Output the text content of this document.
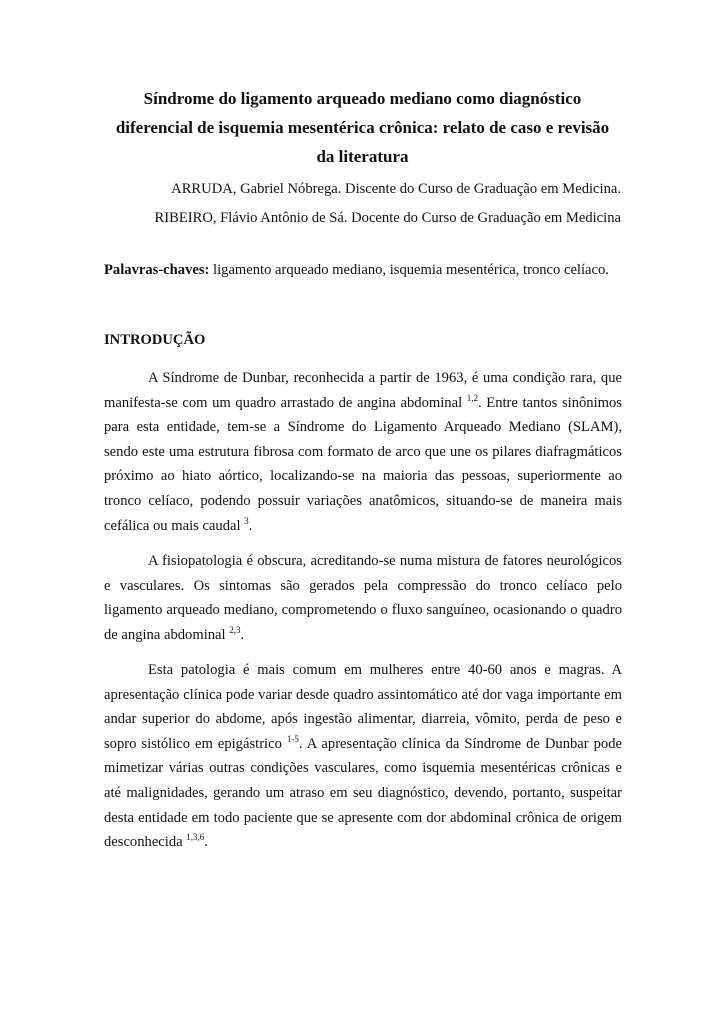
Síndrome do ligamento arqueado mediano como diagnóstico
diferencial de isquemia mesentérica crônica: relato de caso e revisão
da literatura
ARRUDA, Gabriel Nóbrega. Discente do Curso de Graduação em Medicina.
RIBEIRO, Flávio Antônio de Sá. Docente do Curso de Graduação em Medicina
Palavras-chaves: ligamento arqueado mediano, isquemia mesentérica, tronco celíaco.
INTRODUÇÃO
A Síndrome de Dunbar, reconhecida a partir de 1963, é uma condição rara, que
manifesta-se com um quadro arrastado de angina abdominal $^{1,2}$. Entre tantos sinônimos
para esta entidade, tem-se a Síndrome do Ligamento Arqueado Mediano (SLAM),
sendo este uma estrutura fibrosa com formato de arco que une os pilares diafragmáticos
próximo ao hiato aórtico, localizando-se na maioria das pessoas, superiormente ao
tronco celíaco, podendo possuir variações anatômicos, situando-se de maneira mais
cefálica ou mais caudal $^3$.
A fisiopatologia é obscura, acreditando-se numa mistura de fatores neurológicos
e vasculares. Os sintomas são gerados pela compressão do tronco celíaco pelo
ligamento arqueado mediano, comprometendo o fluxo sanguíneo, ocasionando o quadro
de angina abdominal $^{2,3}$.
Esta patologia é mais comum em mulheres entre 40-60 anos e magras. A
apresentação clínica pode variar desde quadro assintomático até dor vaga importante em
andar superior do abdome, após ingestão alimentar, diarreia, vômito, perda de peso e
sopro sistólico em epigástrico $^{1-5}$. A apresentação clínica da Síndrome de Dunbar pode
mimetizar várias outras condições vasculares, como isquemia mesentéricas crônicas e
até malignidades, gerando um atraso em seu diagnóstico, devendo, portanto, suspeitar
desta entidade em todo paciente que se apresente com dor abdominal crônica de origem
desconhecida $^{1,3,6}$.
